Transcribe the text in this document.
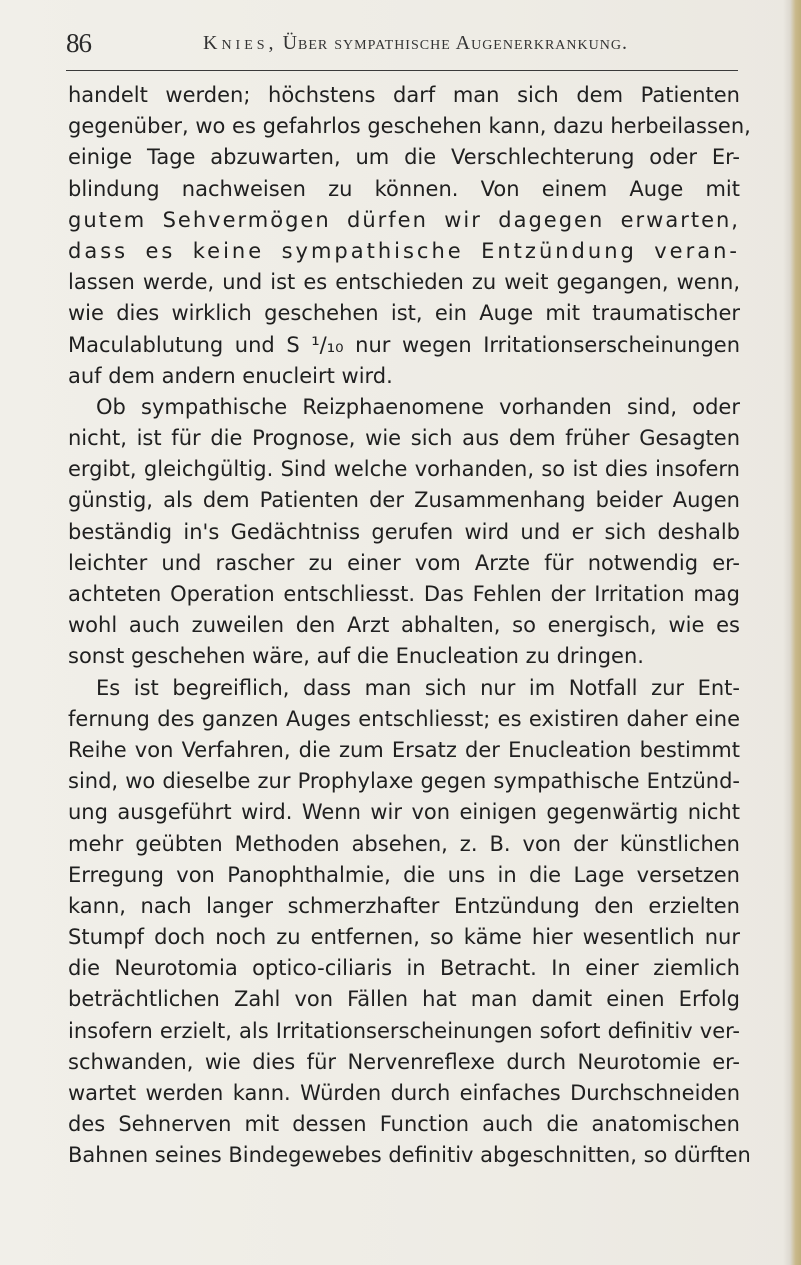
86	Knies, Über sympathische Augenerkrankung.
handelt werden; höchstens darf man sich dem Patienten
gegenüber, wo es gefahrlos geschehen kann, dazu herbeilassen,
einige Tage abzuwarten, um die Verschlechterung oder Er-
blindung nachweisen zu können. Von einem Auge mit
gutem Sehvermögen dürfen wir dagegen erwarten,
dass es keine sympathische Entzündung veran-
lassen werde, und ist es entschieden zu weit gegangen, wenn,
wie dies wirklich geschehen ist, ein Auge mit traumatischer
Maculablutung und S ¹/₁₀ nur wegen Irritationserscheinungen
auf dem andern enucleirt wird.
Ob sympathische Reizphaenomene vorhanden sind, oder
nicht, ist für die Prognose, wie sich aus dem früher Gesagten
ergibt, gleichgültig. Sind welche vorhanden, so ist dies insofern
günstig, als dem Patienten der Zusammenhang beider Augen
beständig in's Gedächtniss gerufen wird und er sich deshalb
leichter und rascher zu einer vom Arzte für notwendig er-
achteten Operation entschliesst. Das Fehlen der Irritation mag
wohl auch zuweilen den Arzt abhalten, so energisch, wie es
sonst geschehen wäre, auf die Enucleation zu dringen.
Es ist begreiflich, dass man sich nur im Notfall zur Ent-
fernung des ganzen Auges entschliesst; es existiren daher eine
Reihe von Verfahren, die zum Ersatz der Enucleation bestimmt
sind, wo dieselbe zur Prophylaxe gegen sympathische Entzünd-
ung ausgeführt wird. Wenn wir von einigen gegenwärtig nicht
mehr geübten Methoden absehen, z. B. von der künstlichen
Erregung von Panophthalmie, die uns in die Lage versetzen
kann, nach langer schmerzhafter Entzündung den erzielten
Stumpf doch noch zu entfernen, so käme hier wesentlich nur
die Neurotomia optico-ciliaris in Betracht. In einer ziemlich
beträchtlichen Zahl von Fällen hat man damit einen Erfolg
insofern erzielt, als Irritationserscheinungen sofort definitiv ver-
schwanden, wie dies für Nervenreflexe durch Neurotomie er-
wartet werden kann. Würden durch einfaches Durchschneiden
des Sehnerven mit dessen Function auch die anatomischen
Bahnen seines Bindegewebes definitiv abgeschnitten, so dürften
